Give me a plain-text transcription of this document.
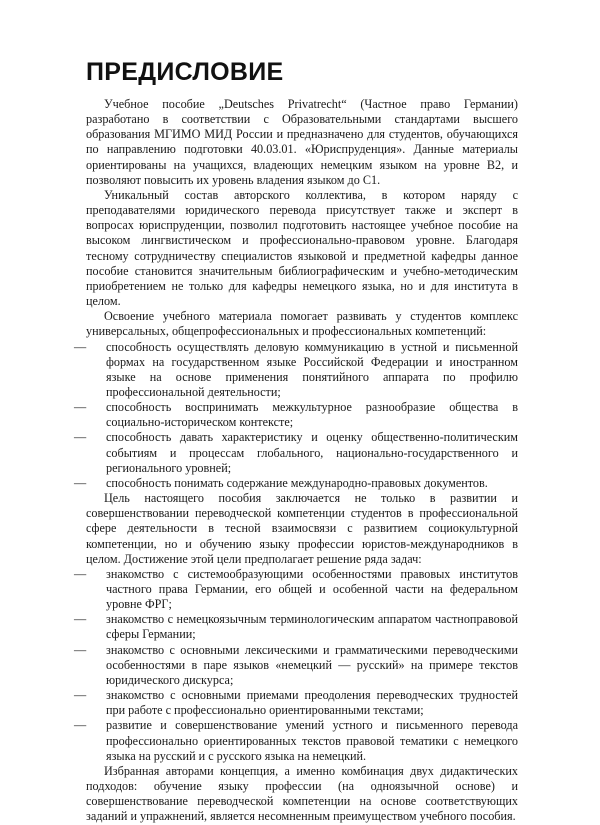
ПРЕДИСЛОВИЕ
Учебное пособие „Deutsches Privatrecht“ (Частное право Германии) разработано в соответствии с Образовательными стандартами высшего образования МГИМО МИД России и предназначено для студентов, обучающихся по направлению подготовки 40.03.01. «Юриспруденция». Данные материалы ориентированы на учащихся, владеющих немецким языком на уровне B2, и позволяют повысить их уровень владения языком до C1.
Уникальный состав авторского коллектива, в котором наряду с преподавателями юридического перевода присутствует также и эксперт в вопросах юриспруденции, позволил подготовить настоящее учебное пособие на высоком лингвистическом и профессионально-правовом уровне. Благодаря тесному сотрудничеству специалистов языковой и предметной кафедры данное пособие становится значительным библиографическим и учебно-методическим приобретением не только для кафедры немецкого языка, но и для института в целом.
Освоение учебного материала помогает развивать у студентов комплекс универсальных, общепрофессиональных и профессиональных компетенций:
— способность осуществлять деловую коммуникацию в устной и письменной формах на государственном языке Российской Федерации и иностранном языке на основе применения понятийного аппарата по профилю профессиональной деятельности;
— способность воспринимать межкультурное разнообразие общества в социально-историческом контексте;
— способность давать характеристику и оценку общественно-политическим событиям и процессам глобального, национально-государственного и регионального уровней;
— способность понимать содержание международно-правовых документов.
Цель настоящего пособия заключается не только в развитии и совершенствовании переводческой компетенции студентов в профессиональной сфере деятельности в тесной взаимосвязи с развитием социокультурной компетенции, но и обучению языку профессии юристов-международников в целом. Достижение этой цели предполагает решение ряда задач:
— знакомство с системообразующими особенностями правовых институтов частного права Германии, его общей и особенной части на федеральном уровне ФРГ;
— знакомство с немецкоязычным терминологическим аппаратом частноправовой сферы Германии;
— знакомство с основными лексическими и грамматическими переводческими особенностями в паре языков «немецкий — русский» на примере текстов юридического дискурса;
— знакомство с основными приемами преодоления переводческих трудностей при работе с профессионально ориентированными текстами;
— развитие и совершенствование умений устного и письменного перевода профессионально ориентированных текстов правовой тематики с немецкого языка на русский и с русского языка на немецкий.
Избранная авторами концепция, а именно комбинация двух дидактических подходов: обучение языку профессии (на одноязычной основе) и совершенствование переводческой компетенции на основе соответствующих заданий и упражнений, является несомненным преимуществом учебного пособия.
